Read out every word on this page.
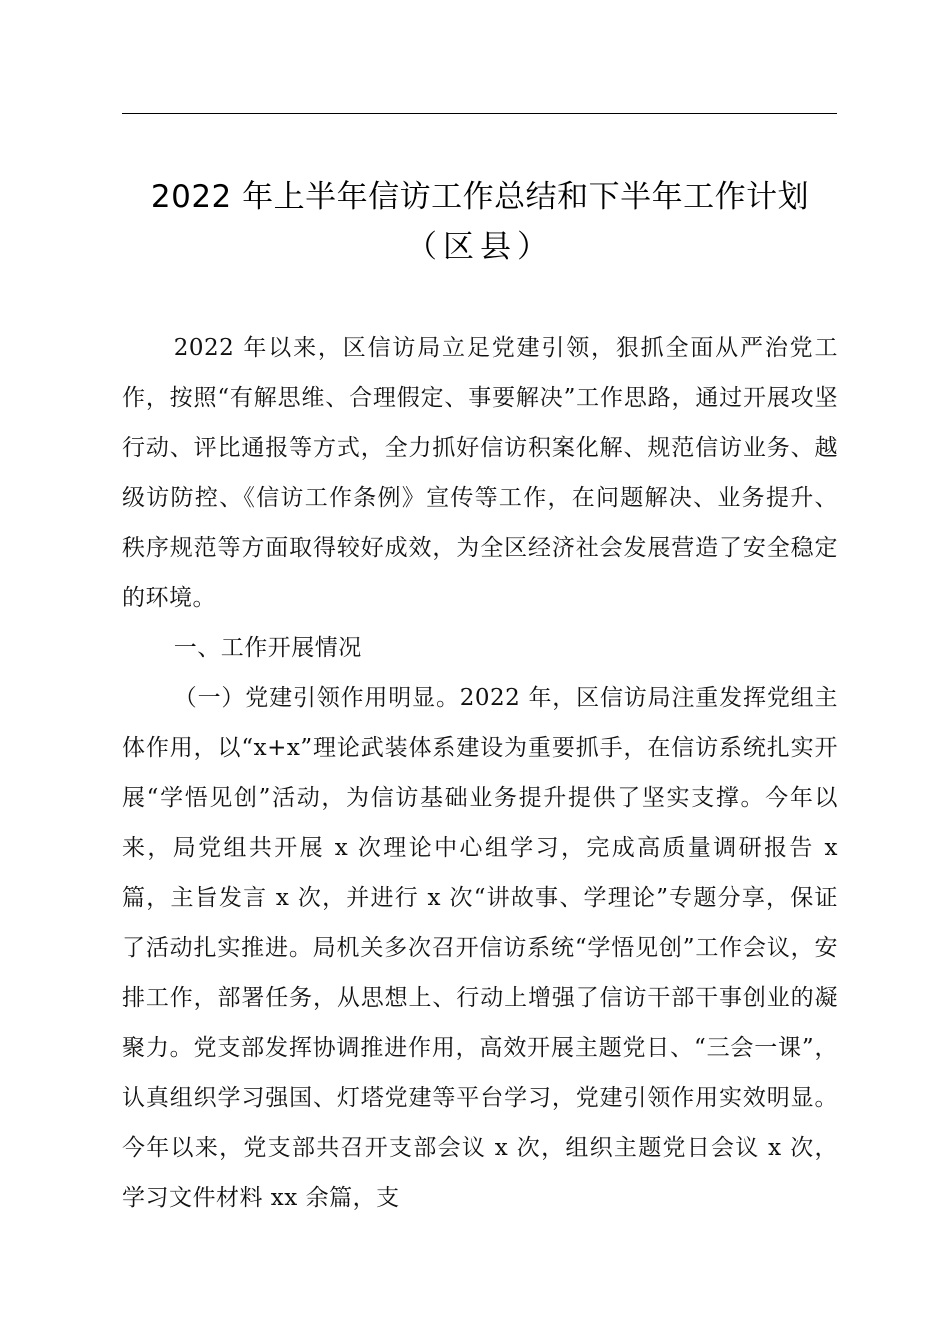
2022 年上半年信访工作总结和下半年工作计划
（区县）

2022 年以来，区信访局立足党建引领，狠抓全面从严治党工作，按照“有解思维、合理假定、事要解决”工作思路，通过开展攻坚行动、评比通报等方式，全力抓好信访积案化解、规范信访业务、越级访防控、《信访工作条例》宣传等工作，在问题解决、业务提升、秩序规范等方面取得较好成效，为全区经济社会发展营造了安全稳定的环境。

一、工作开展情况

（一）党建引领作用明显。2022 年，区信访局注重发挥党组主体作用，以“x+x”理论武装体系建设为重要抓手，在信访系统扎实开展“学悟见创”活动，为信访基础业务提升提供了坚实支撑。今年以来，局党组共开展 x 次理论中心组学习，完成高质量调研报告 x 篇，主旨发言 x 次，并进行 x 次“讲故事、学理论”专题分享，保证了活动扎实推进。局机关多次召开信访系统“学悟见创”工作会议，安排工作，部署任务，从思想上、行动上增强了信访干部干事创业的凝聚力。党支部发挥协调推进作用，高效开展主题党日、“三会一课”，认真组织学习强国、灯塔党建等平台学习，党建引领作用实效明显。今年以来，党支部共召开支部会议 x 次，组织主题党日会议 x 次，学习文件材料 xx 余篇，支
